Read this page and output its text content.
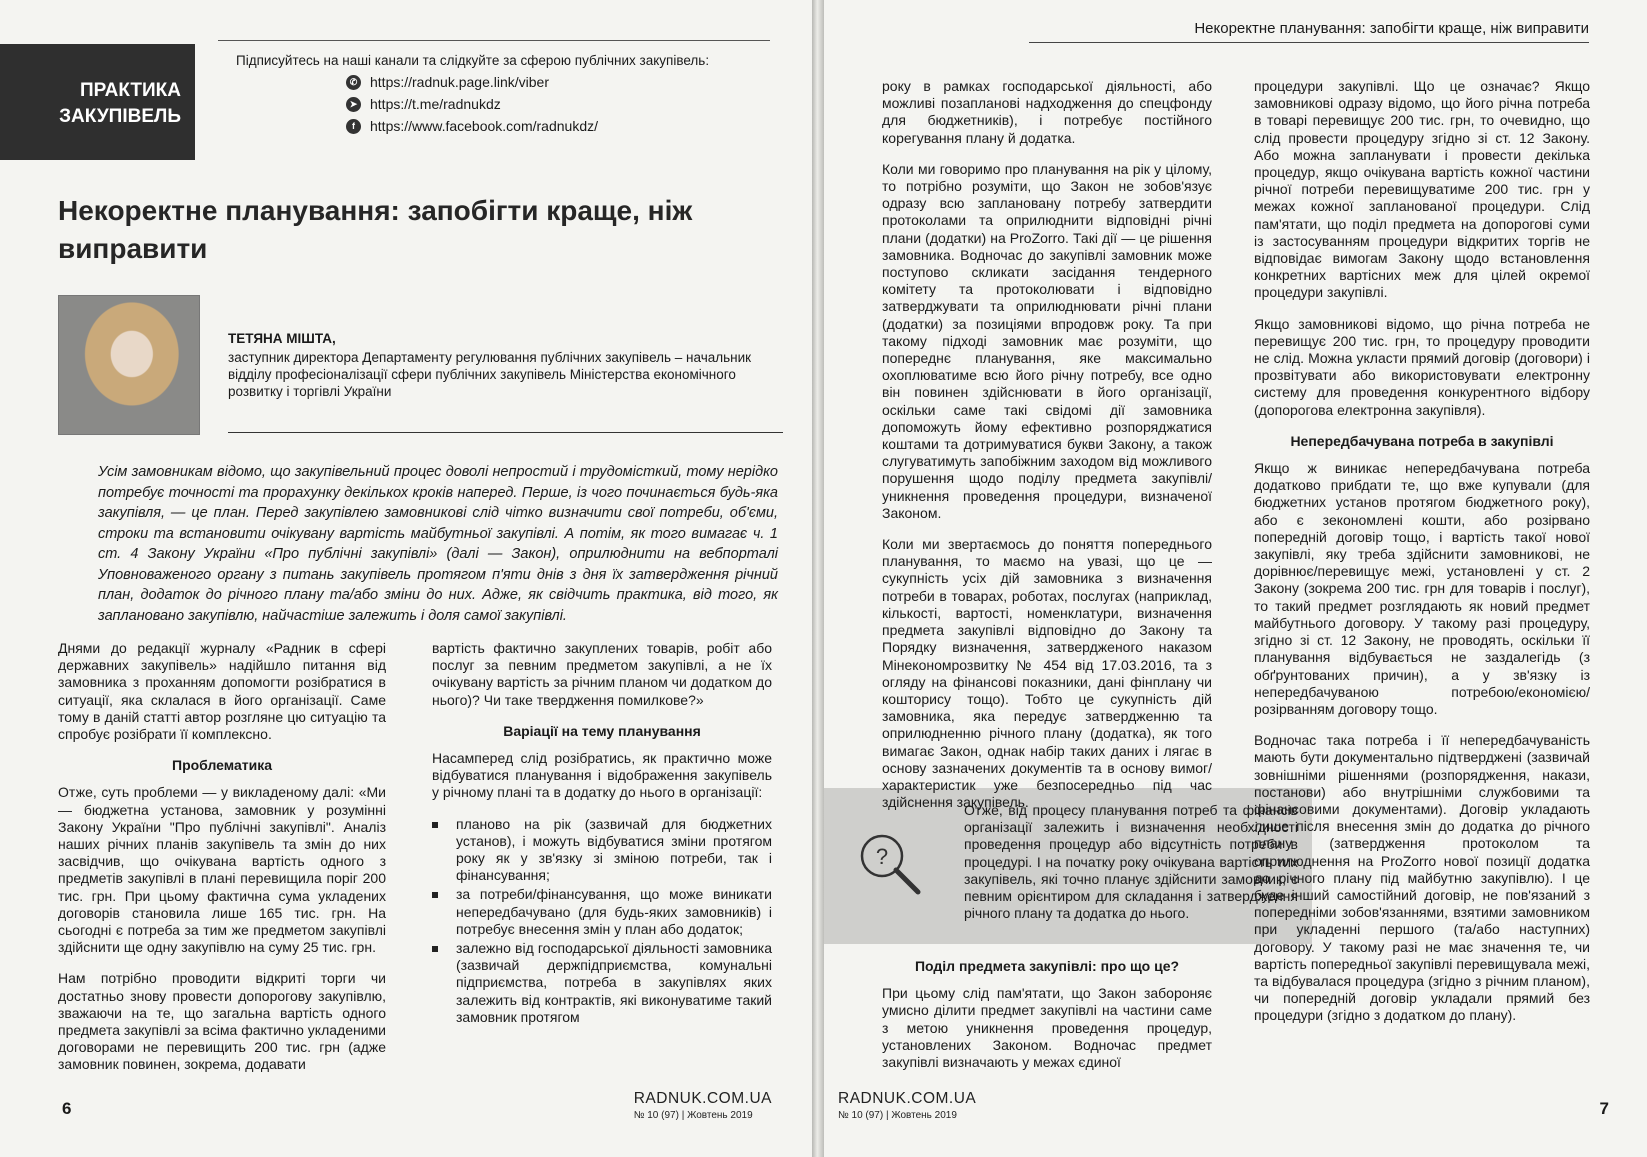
ПРАКТИКА
ЗАКУПІВЕЛЬ
Підписуйтесь на наші канали та слідкуйте за сферою публічних закупівель:
✆ https://radnuk.page.link/viber
➤ https://t.me/radnukdz
f	https://www.facebook.com/radnukdz/
Некоректне планування: запобігти краще, ніж виправити
ТЕТЯНА МІШТА,
заступник директора Департаменту регулювання публічних закупівель – начальник відділу професіоналізації сфери публічних закупівель Міністерства економічного розвитку і торгівлі України
Усім замовникам відомо, що закупівельний процес доволі непростий і трудомісткий, тому нерідко потребує точності та прорахунку декількох кроків наперед. Перше, із чого починається будь-яка закупівля, — це план. Перед закупівлею замовникові слід чітко визначити свої потреби, об'єми, строки та встановити очікувану вартість майбутньої закупівлі. А потім, як того вимагає ч. 1 ст. 4 Закону України «Про публічні закупівлі» (далі — Закон), оприлюднити на вебпорталі Уповноваженого органу з питань закупівель протягом п'яти днів з дня їх затвердження річний план, додаток до річного плану та/або зміни до них. Адже, як свідчить практика, від того, як заплановано закупівлю, найчастіше залежить і доля самої закупівлі.

Днями до редакції журналу «Радник в сфері державних закупівель» надійшло питання від замовника з проханням допомогти розібратися в ситуації, яка склалася в його організації. Саме тому в даній статті автор розгляне цю ситуацію та спробує розібрати її комплексно.

Проблематика

Отже, суть проблеми — у викладеному далі: «Ми — бюджетна установа, замовник у розумінні Закону України "Про публічні закупівлі". Аналіз наших річних планів закупівель та змін до них засвідчив, що очікувана вартість одного з предметів закупівлі в плані перевищила поріг 200 тис. грн. При цьому фактична сума укладених договорів становила лише 165 тис. грн. На сьогодні є потреба за тим же предметом закупівлі здійснити ще одну закупівлю на суму 25 тис. грн.

Нам потрібно проводити відкриті торги чи достатньо знову провести допорогову закупівлю, зважаючи на те, що загальна вартість одного предмета закупівлі за всіма фактично укладеними договорами не перевищить 200 тис. грн (адже замовник повинен, зокрема, додавати

вартість фактично закуплених товарів, робіт або послуг за певним предметом закупівлі, а не їх очікувану вартість за річним планом чи додатком до нього)? Чи таке твердження помилкове?»

Варіації на тему планування

Насамперед слід розібратись, як практично може відбуватися планування і відображення закупівель у річному плані та в додатку до нього в організації:

планово на рік (зазвичай для бюджетних установ), і можуть відбуватися зміни протягом року як у зв'язку зі зміною потреби, так і фінансування;
за потреби/фінансування, що може виникати непередбачувано (для будь-яких замовників) і потребує внесення змін у план або додаток;
залежно від господарської діяльності замовника (зазвичай держпідприємства, комунальні підприємства, потреба в закупівлях яких залежить від контрактів, які виконуватиме такий замовник протягом
6
RADNUK.COM.UA
№ 10 (97) | Жовтень 2019
Некоректне планування: запобігти краще, ніж виправити
?
Отже, від процесу планування потреб та фінансів організації залежить і визначення необхідності проведення процедур або відсутність потреби в процедурі. І на початку року очікувана вартість тих закупівель, які точно планує здійснити замовник, є певним орієнтиром для складання і затвердження річного плану та додатка до нього.

року в рамках господарської діяльності, або можливі позапланові надходження до спецфонду для бюджетників), і потребує постійного корегування плану й додатка.

Коли ми говоримо про планування на рік у цілому, то потрібно розуміти, що Закон не зобов'язує одразу всю заплановану потребу затвердити протоколами та оприлюднити відповідні річні плани (додатки) на ProZorro. Такі дії — це рішення замовника. Водночас до закупівлі замовник може поступово скликати засідання тендерного комітету та протоколювати і відповідно затверджувати та оприлюднювати річні плани (додатки) за позиціями впродовж року. Та при такому підході замовник має розуміти, що попереднє планування, яке максимально охоплюватиме всю його річну потребу, все одно він повинен здійснювати в його організації, оскільки саме такі свідомі дії замовника допоможуть йому ефективно розпоряджатися коштами та дотримуватися букви Закону, а також слугуватимуть запобіжним заходом від можливого порушення щодо поділу предмета закупівлі/уникнення проведення процедури, визначеної Законом.

Коли ми звертаємось до поняття попереднього планування, то маємо на увазі, що це — сукупність усіх дій замовника з визначення потреби в товарах, роботах, послугах (наприклад, кількості, вартості, номенклатури, визначення предмета закупівлі відповідно до Закону та Порядку визначення, затвердженого наказом Мінекономрозвитку № 454 від 17.03.2016, та з огляду на фінансові показники, дані фінплану чи кошторису тощо). Тобто це сукупність дій замовника, яка передує затвердженню та оприлюдненню річного плану (додатка), як того вимагає Закон, однак набір таких даних і лягає в основу зазначених документів та в основу вимог/характеристик уже безпосередньо під час здійснення закупівель.

Поділ предмета закупівлі: про що це?

При цьому слід пам'ятати, що Закон забороняє умисно ділити предмет закупівлі на частини саме з метою уникнення проведення процедур, установлених Законом. Водночас предмет закупівлі визначають у межах єдиної

процедури закупівлі. Що це означає? Якщо замовникові одразу відомо, що його річна потреба в товарі перевищує 200 тис. грн, то очевидно, що слід провести процедуру згідно зі ст. 12 Закону. Або можна запланувати і провести декілька процедур, якщо очікувана вартість кожної частини річної потреби перевищуватиме 200 тис. грн у межах кожної запланованої процедури. Слід пам'ятати, що поділ предмета на допорогові суми із застосуванням процедури відкритих торгів не відповідає вимогам Закону щодо встановлення конкретних вартісних меж для цілей окремої процедури закупівлі.

Якщо замовникові відомо, що річна потреба не перевищує 200 тис. грн, то процедуру проводити не слід. Можна укласти прямий договір (договори) і прозвітувати або використовувати електронну систему для проведення конкурентного відбору (допорогова електронна закупівля).

Непередбачувана потреба в закупівлі

Якщо ж виникає непередбачувана потреба додатково прибдати те, що вже купували (для бюджетних установ протягом бюджетного року), або є зекономлені кошти, або розірвано попередній договір тощо, і вартість такої нової закупівлі, яку треба здійснити замовникові, не дорівнює/перевищує межі, установлені у ст. 2 Закону (зокрема 200 тис. грн для товарів і послуг), то такий предмет розглядають як новий предмет майбутнього договору. У такому разі процедуру, згідно зі ст. 12 Закону, не проводять, оскільки її планування відбувається не заздалегідь (з обґрунтованих причин), а у зв'язку із непередбачуваною потребою/економією/розірванням договору тощо.

Водночас така потреба і її непередбачуваність мають бути документально підтверджені (зазвичай зовнішніми рішеннями (розпорядження, накази, постанови) або внутрішніми службовими та фінансовими документами). Договір укладають лише після внесення змін до додатка до річного плану (затвердження протоколом та оприлюднення на ProZorro нової позиції додатка до річного плану під майбутню закупівлю). І це буде інший самостійний договір, не пов'язаний з попередніми зобов'язаннями, взятими замовником при укладенні першого (та/або наступних) договору. У такому разі не має значення те, чи вартість попередньої закупівлі перевищувала межі, та відбувалася процедура (згідно з річним планом), чи попередній договір укладали прямий без процедури (згідно з додатком до плану).

RADNUK.COM.UA
№ 10 (97) | Жовтень 2019	7
